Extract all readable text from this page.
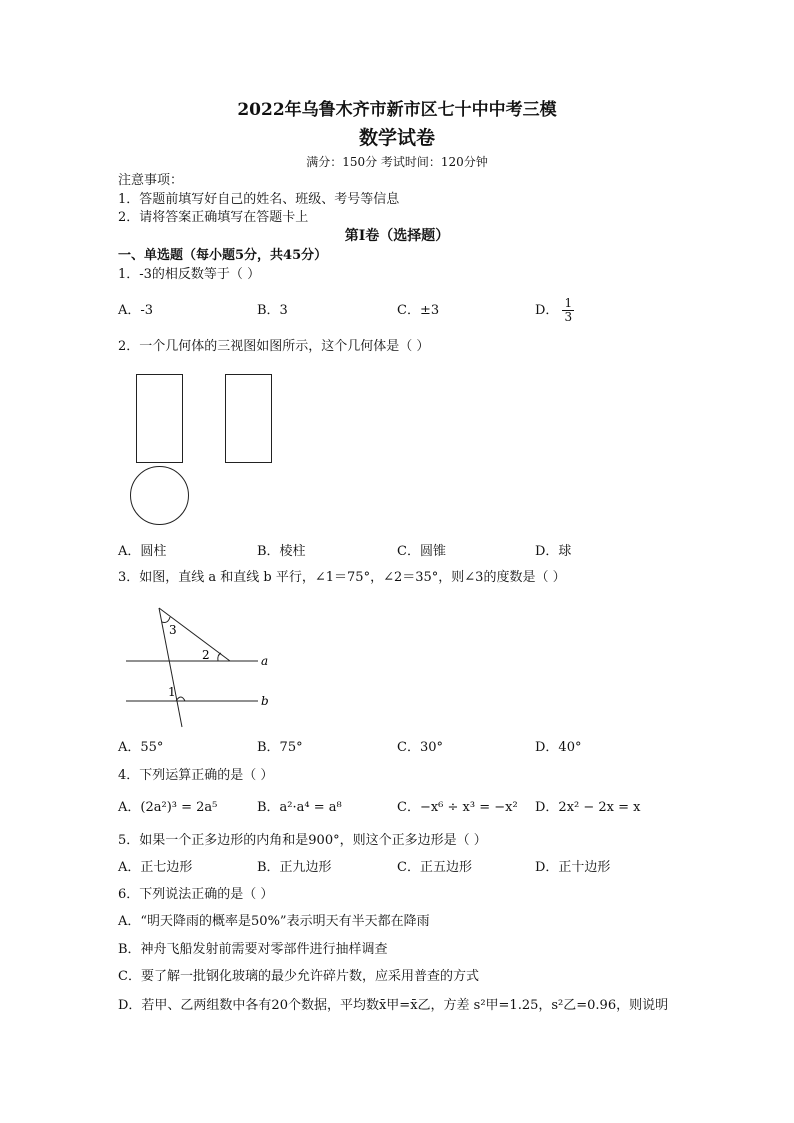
2022年乌鲁木齐市新市区七十中中考三模
数学试卷
满分：150分 考试时间：120分钟
注意事项：
1．答题前填写好自己的姓名、班级、考号等信息
2．请将答案正确填写在答题卡上
第I卷（选择题）
一、单选题（每小题5分，共45分）
1．-3的相反数等于（ ）
A．-3	B．3	C．±3	D． $\frac{1}{3}$
2．一个几何体的三视图如图所示，这个几何体是（ ）
A．圆柱	B．棱柱	C．圆锥	D．球
3．如图，直线 a 和直线 b 平行，∠1＝75°，∠2＝35°，则∠3的度数是（ ）
3
2
1
a
b
A．55°	B．75°	C．30°	D．40°
4．下列运算正确的是（ ）
A．(2a²)³ = 2a⁵	B．a²·a⁴ = a⁸	C．−x⁶ ÷ x³ = −x² D．2x² − 2x = x
5．如果一个正多边形的内角和是900°，则这个正多边形是（ ）
A．正七边形	B．正九边形	C．正五边形	D．正十边形
6．下列说法正确的是（ ）
A．“明天降雨的概率是50%”表示明天有半天都在降雨
B．神舟飞船发射前需要对零部件进行抽样调查
C．要了解一批钢化玻璃的最少允许碎片数，应采用普查的方式
D．若甲、乙两组数中各有20个数据，平均数x̄甲=x̄乙，方差 s²甲=1.25，s²乙=0.96，则说明
